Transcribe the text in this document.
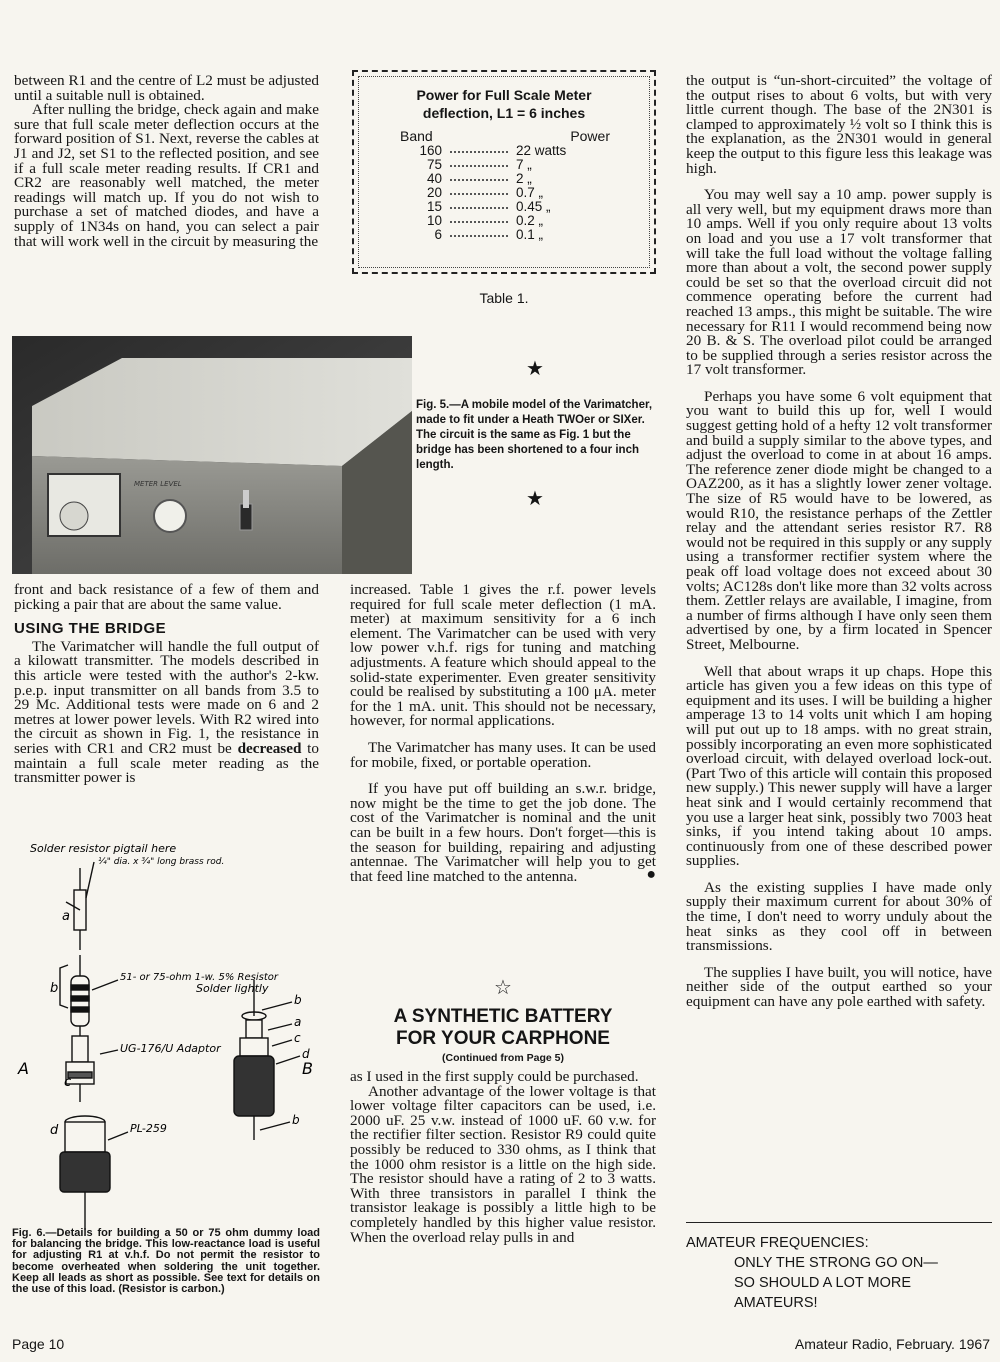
between R1 and the centre of L2 must be adjusted until a suitable null is obtained.

After nulling the bridge, check again and make sure that full scale meter deflection occurs at the forward position of S1. Next, reverse the cables at J1 and J2, set S1 to the reflected position, and see if a full scale meter reading results. If CR1 and CR2 are reasonably well matched, the meter readings will match up. If you do not wish to purchase a set of matched diodes, and have a supply of 1N34s on hand, you can select a pair that will work well in the circuit by measuring the

Power for Full Scale Meter
deflection, L1 = 6 inches
Band	Power
160	22 watts
75	7 „
40	2 „
20	0.7 „
15	0.45 „
10	0.2 „
6	0.1 „
Table 1.
METER LEVEL
★
Fig. 5.—A mobile model of the Varimatcher, made to fit under a Heath TWOer or SIXer. The circuit is the same as Fig. 1 but the bridge has been shortened to a four inch length.
★

front and back resistance of a few of them and picking a pair that are about the same value.

USING THE BRIDGE

The Varimatcher will handle the full output of a kilowatt transmitter. The models described in this article were tested with the author's 2-kw. p.e.p. input transmitter on all bands from 3.5 to 29 Mc. Additional tests were made on 6 and 2 metres at lower power levels. With R2 wired into the circuit as shown in Fig. 1, the resistance in series with CR1 and CR2 must be decreased to maintain a full scale meter reading as the transmitter power is

increased. Table 1 gives the r.f. power levels required for full scale meter deflection (1 mA. meter) at maximum sensitivity for a 6 inch element. The Varimatcher can be used with very low power v.h.f. rigs for tuning and matching adjustments. A feature which should appeal to the solid-state experimenter. Even greater sensitivity could be realised by substituting a 100 μA. meter for the 1 mA. unit. This should not be necessary, however, for normal applications.

The Varimatcher has many uses. It can be used for mobile, fixed, or portable operation.

If you have put off building an s.w.r. bridge, now might be the time to get the job done. The cost of the Varimatcher is nominal and the unit can be built in a few hours. Don't forget—this is the season for building, repairing and adjusting antennae. The Varimatcher will help you to get that feed line matched to the antenna.	●

Solder resistor pigtail here
¼" dia. x ¾" long brass rod.
a
b
51- or 75-ohm 1-w. 5% Resistor
UG-176/U Adaptor
c
d	PL-259
A	B
Solder lightly
b
a
c
d
b
Fig. 6.—Details for building a 50 or 75 ohm dummy load for balancing the bridge. This low-reactance load is useful for adjusting R1 at v.h.f. Do not permit the resistor to become overheated when soldering the unit together. Keep all leads as short as possible. See text for details on the use of this load. (Resistor is carbon.)
☆
A SYNTHETIC BATTERY
FOR YOUR CARPHONE
(Continued from Page 5)

as I used in the first supply could be purchased.

Another advantage of the lower voltage is that lower voltage filter capacitors can be used, i.e. 2000 uF. 25 v.w. instead of 1000 uF. 60 v.w. for the rectifier filter section. Resistor R9 could quite possibly be reduced to 330 ohms, as I think that the 1000 ohm resistor is a little on the high side. The resistor should have a rating of 2 to 3 watts. With three transistors in parallel I think the transistor leakage is possibly a little high to be completely handled by this higher value resistor. When the overload relay pulls in and

the output is “un-short-circuited” the voltage of the output rises to about 6 volts, but with very little current though. The base of the 2N301 is clamped to approximately ½ volt so I think this is the explanation, as the 2N301 would in general keep the output to this figure less this leakage was high.

You may well say a 10 amp. power supply is all very well, but my equipment draws more than 10 amps. Well if you only require about 13 volts on load and you use a 17 volt transformer that will take the full load without the voltage falling more than about a volt, the second power supply could be set so that the overload circuit did not commence operating before the current had reached 13 amps., this might be suitable. The wire necessary for R11 I would recommend being now 20 B. & S. The overload pilot could be arranged to be supplied through a series resistor across the 17 volt transformer.

Perhaps you have some 6 volt equipment that you want to build this up for, well I would suggest getting hold of a hefty 12 volt transformer and build a supply similar to the above types, and adjust the overload to come in at about 16 amps. The reference zener diode might be changed to a OAZ200, as it has a slightly lower zener voltage. The size of R5 would have to be lowered, as would R10, the resistance perhaps of the Zettler relay and the attendant series resistor R7. R8 would not be required in this supply or any supply using a transformer rectifier system where the peak off load voltage does not exceed about 30 volts; AC128s don't like more than 32 volts across them. Zettler relays are available, I imagine, from a number of firms although I have only seen them advertised by one, by a firm located in Spencer Street, Melbourne.

Well that about wraps it up chaps. Hope this article has given you a few ideas on this type of equipment and its uses. I will be building a higher amperage 13 to 14 volts unit which I am hoping will put out up to 18 amps. with no great strain, possibly incorporating an even more sophisticated overload circuit, with delayed overload lock-out. (Part Two of this article will contain this proposed new supply.) This newer supply will have a larger heat sink and I would certainly recommend that you use a larger heat sink, possibly two 7003 heat sinks, if you intend taking about 10 amps. continuously from one of these described power supplies.

As the existing supplies I have made only supply their maximum current for about 30% of the time, I don't need to worry unduly about the heat sinks as they cool off in between transmissions.

The supplies I have built, you will notice, have neither side of the output earthed so your equipment can have any pole earthed with safety.

AMATEUR FREQUENCIES:
ONLY THE STRONG GO ON—
SO SHOULD A LOT MORE
AMATEURS!
Page 10	Amateur Radio, February. 1967
